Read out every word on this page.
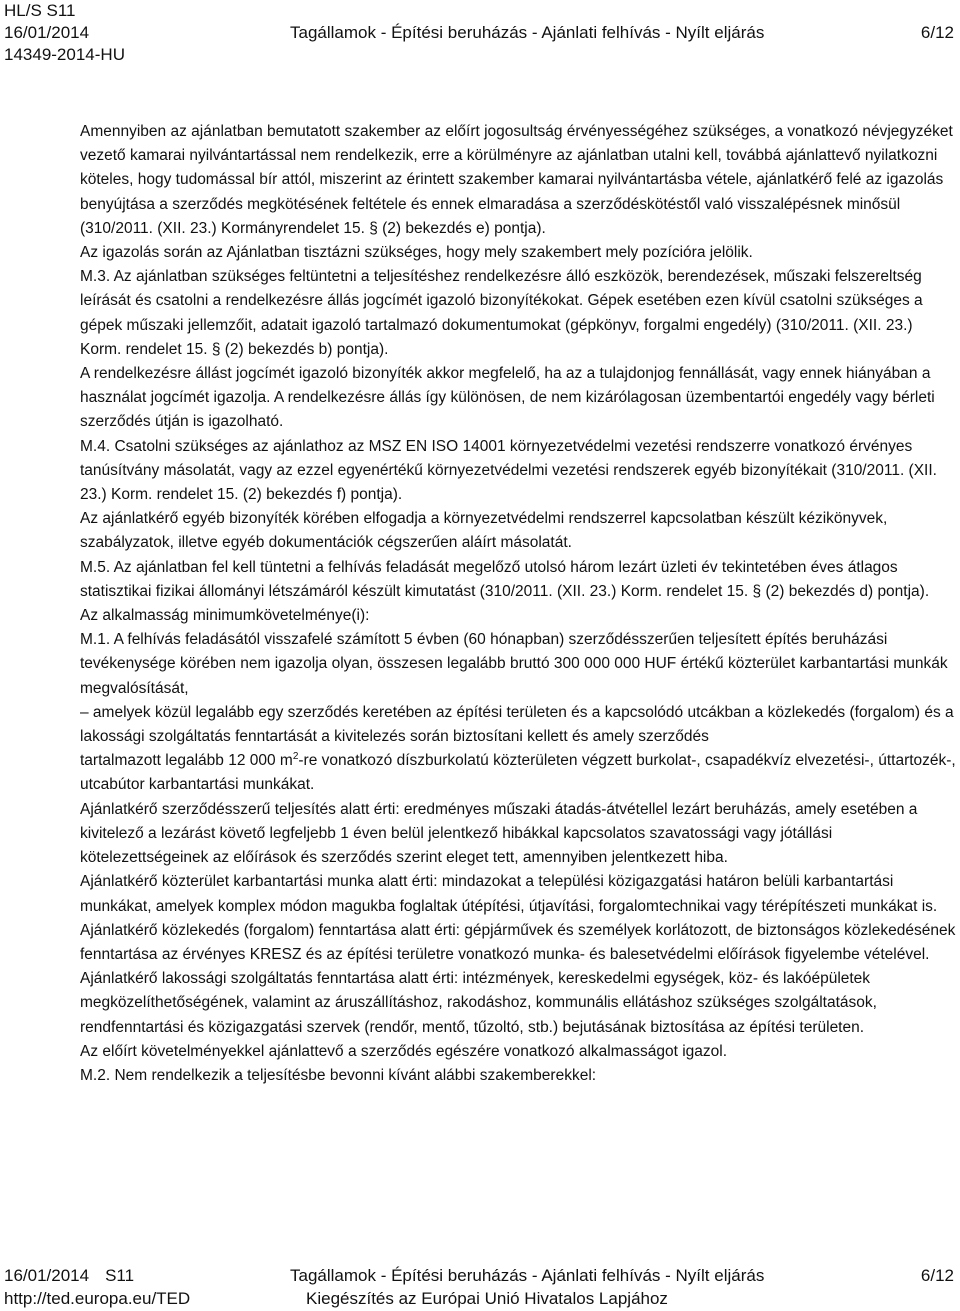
HL/S S11
16/01/2014	Tagállamok - Építési beruházás - Ajánlati felhívás - Nyílt eljárás	6/12
14349-2014-HU

Amennyiben az ajánlatban bemutatott szakember az előírt jogosultság érvényességéhez szükséges, a vonatkozó névjegyzéket vezető kamarai nyilvántartással nem rendelkezik, erre a körülményre az ajánlatban utalni kell, továbbá ajánlattevő nyilatkozni köteles, hogy tudomással bír attól, miszerint az érintett szakember kamarai nyilvántartásba vétele, ajánlatkérő felé az igazolás benyújtása a szerződés megkötésének feltétele és ennek elmaradása a szerződéskötéstől való visszalépésnek minősül (310/2011. (XII. 23.) Kormányrendelet 15. § (2) bekezdés e) pontja).

Az igazolás során az Ajánlatban tisztázni szükséges, hogy mely szakembert mely pozícióra jelölik.

M.3. Az ajánlatban szükséges feltüntetni a teljesítéshez rendelkezésre álló eszközök, berendezések, műszaki felszereltség leírását és csatolni a rendelkezésre állás jogcímét igazoló bizonyítékokat. Gépek esetében ezen kívül csatolni szükséges a gépek műszaki jellemzőit, adatait igazoló tartalmazó dokumentumokat (gépkönyv, forgalmi engedély) (310/2011. (XII. 23.) Korm. rendelet 15. § (2) bekezdés b) pontja).

A rendelkezésre állást jogcímét igazoló bizonyíték akkor megfelelő, ha az a tulajdonjog fennállását, vagy ennek hiányában a használat jogcímét igazolja. A rendelkezésre állás így különösen, de nem kizárólagosan üzembentartói engedély vagy bérleti szerződés útján is igazolható.

M.4. Csatolni szükséges az ajánlathoz az MSZ EN ISO 14001 környezetvédelmi vezetési rendszerre vonatkozó érvényes tanúsítvány másolatát, vagy az ezzel egyenértékű környezetvédelmi vezetési rendszerek egyéb bizonyítékait (310/2011. (XII. 23.) Korm. rendelet 15. (2) bekezdés f) pontja).

Az ajánlatkérő egyéb bizonyíték körében elfogadja a környezetvédelmi rendszerrel kapcsolatban készült kézikönyvek, szabályzatok, illetve egyéb dokumentációk cégszerűen aláírt másolatát.

M.5. Az ajánlatban fel kell tüntetni a felhívás feladását megelőző utolsó három lezárt üzleti év tekintetében éves átlagos statisztikai fizikai állományi létszámáról készült kimutatást (310/2011. (XII. 23.) Korm. rendelet 15. § (2) bekezdés d) pontja).

Az alkalmasság minimumkövetelménye(i):

M.1. A felhívás feladásától visszafelé számított 5 évben (60 hónapban) szerződésszerűen teljesített építés beruházási tevékenysége körében nem igazolja olyan, összesen legalább bruttó 300 000 000 HUF értékű közterület karbantartási munkák megvalósítását,

– amelyek közül legalább egy szerződés keretében az építési területen és a kapcsolódó utcákban a közlekedés (forgalom) és a lakossági szolgáltatás fenntartását a kivitelezés során biztosítani kellett és amely szerződés

tartalmazott legalább 12 000 $m^2-re$ vonatkozó díszburkolatú közterületen végzett burkolat-, csapadékvíz elvezetési-, úttartozék-, utcabútor karbantartási munkákat.

Ajánlatkérő szerződésszerű teljesítés alatt érti: eredményes műszaki átadás-átvétellel lezárt beruházás, amely esetében a kivitelező a lezárást követő legfeljebb 1 éven belül jelentkező hibákkal kapcsolatos szavatossági vagy jótállási kötelezettségeinek az előírások és szerződés szerint eleget tett, amennyiben jelentkezett hiba.

Ajánlatkérő közterület karbantartási munka alatt érti: mindazokat a települési közigazgatási határon belüli karbantartási munkákat, amelyek komplex módon magukba foglaltak útépítési, útjavítási, forgalomtechnikai vagy térépítészeti munkákat is.

Ajánlatkérő közlekedés (forgalom) fenntartása alatt érti: gépjárművek és személyek korlátozott, de biztonságos közlekedésének fenntartása az érvényes KRESZ és az építési területre vonatkozó munka- és balesetvédelmi előírások figyelembe vételével.

Ajánlatkérő lakossági szolgáltatás fenntartása alatt érti: intézmények, kereskedelmi egységek, köz- és lakóépületek megközelíthetőségének, valamint az áruszállításhoz, rakodáshoz, kommunális ellátáshoz szükséges szolgáltatások, rendfenntartási és közigazgatási szervek (rendőr, mentő, tűzoltó, stb.) bejutásának biztosítása az építési területen.

Az előírt követelményekkel ajánlattevő a szerződés egészére vonatkozó alkalmasságot igazol.

M.2. Nem rendelkezik a teljesítésbe bevonni kívánt alábbi szakemberekkel:

16/01/2014 S11	Tagállamok - Építési beruházás - Ajánlati felhívás - Nyílt eljárás	6/12
http://ted.europa.eu/TED	Kiegészítés az Európai Unió Hivatalos Lapjához
